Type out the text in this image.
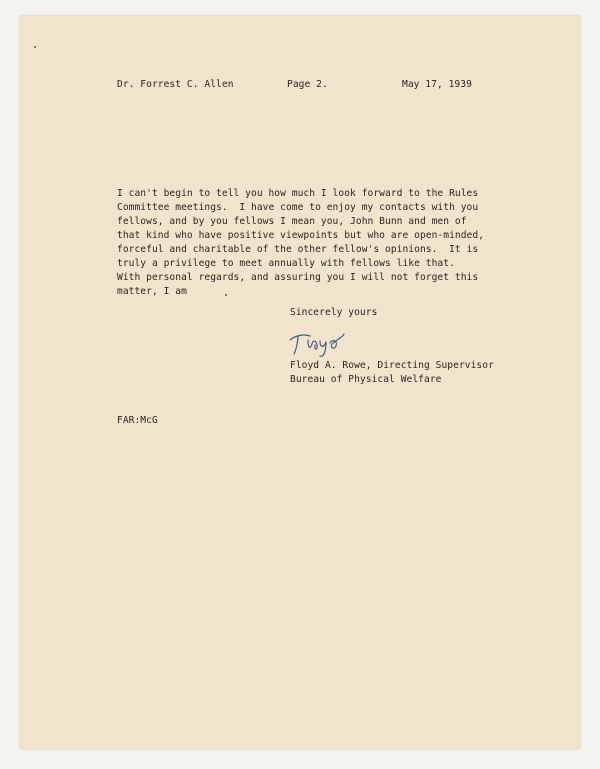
Dr. Forrest C. Allen	Page 2.	May 17, 1939
I can't begin to tell you how much I look forward to the Rules
Committee meetings.  I have come to enjoy my contacts with you
fellows, and by you fellows I mean you, John Bunn and men of
that kind who have positive viewpoints but who are open-minded,
forceful and charitable of the other fellow's opinions.  It is
truly a privilege to meet annually with fellows like that.
With personal regards, and assuring you I will not forget this
matter, I am
Sincerely yours
Floyd A. Rowe, Directing Supervisor
Bureau of Physical Welfare
FAR:McG
